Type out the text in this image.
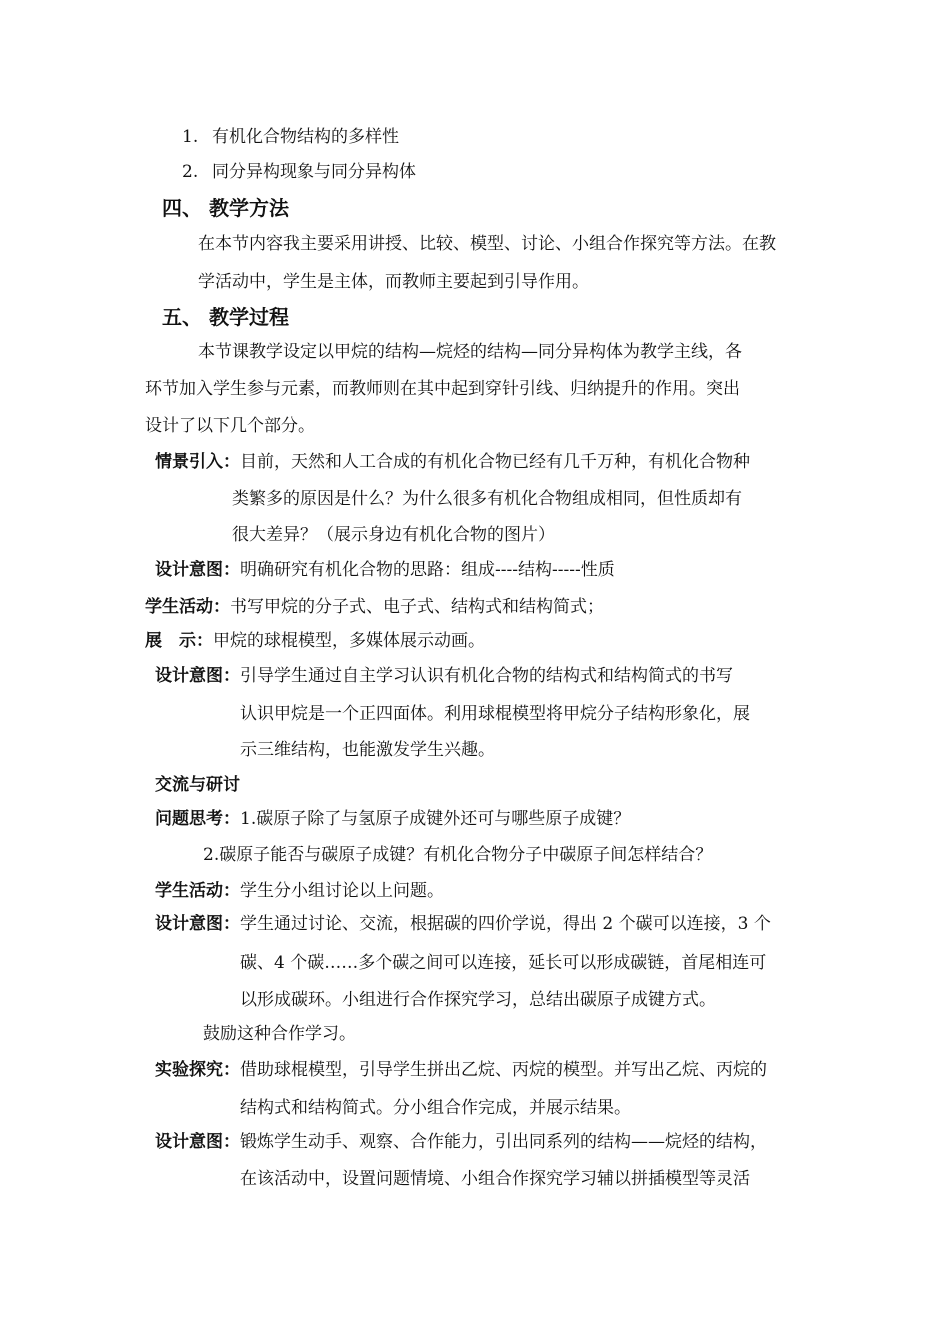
1. 有机化合物结构的多样性
2. 同分异构现象与同分异构体
四、 教学方法
在本节内容我主要采用讲授、比较、模型、讨论、小组合作探究等方法。在教
学活动中，学生是主体，而教师主要起到引导作用。
五、 教学过程
本节课教学设定以甲烷的结构—烷烃的结构—同分异构体为教学主线，各
环节加入学生参与元素，而教师则在其中起到穿针引线、归纳提升的作用。突出
设计了以下几个部分。
情景引入：目前，天然和人工合成的有机化合物已经有几千万种，有机化合物种
类繁多的原因是什么？为什么很多有机化合物组成相同，但性质却有
很大差异？（展示身边有机化合物的图片）
设计意图：明确研究有机化合物的思路：组成----结构-----性质
学生活动：书写甲烷的分子式、电子式、结构式和结构简式；
展　示：甲烷的球棍模型，多媒体展示动画。
设计意图：引导学生通过自主学习认识有机化合物的结构式和结构简式的书写
认识甲烷是一个正四面体。利用球棍模型将甲烷分子结构形象化，展
示三维结构，也能激发学生兴趣。
交流与研讨
问题思考：1.碳原子除了与氢原子成键外还可与哪些原子成键？
2.碳原子能否与碳原子成键？有机化合物分子中碳原子间怎样结合？
学生活动：学生分小组讨论以上问题。
设计意图：学生通过讨论、交流，根据碳的四价学说，得出 2 个碳可以连接，3 个
碳、4 个碳……多个碳之间可以连接，延长可以形成碳链，首尾相连可
以形成碳环。小组进行合作探究学习，总结出碳原子成键方式。
鼓励这种合作学习。
实验探究：借助球棍模型，引导学生拼出乙烷、丙烷的模型。并写出乙烷、丙烷的
结构式和结构简式。分小组合作完成，并展示结果。
设计意图：锻炼学生动手、观察、合作能力，引出同系列的结构——烷烃的结构，
在该活动中，设置问题情境、小组合作探究学习辅以拼插模型等灵活
